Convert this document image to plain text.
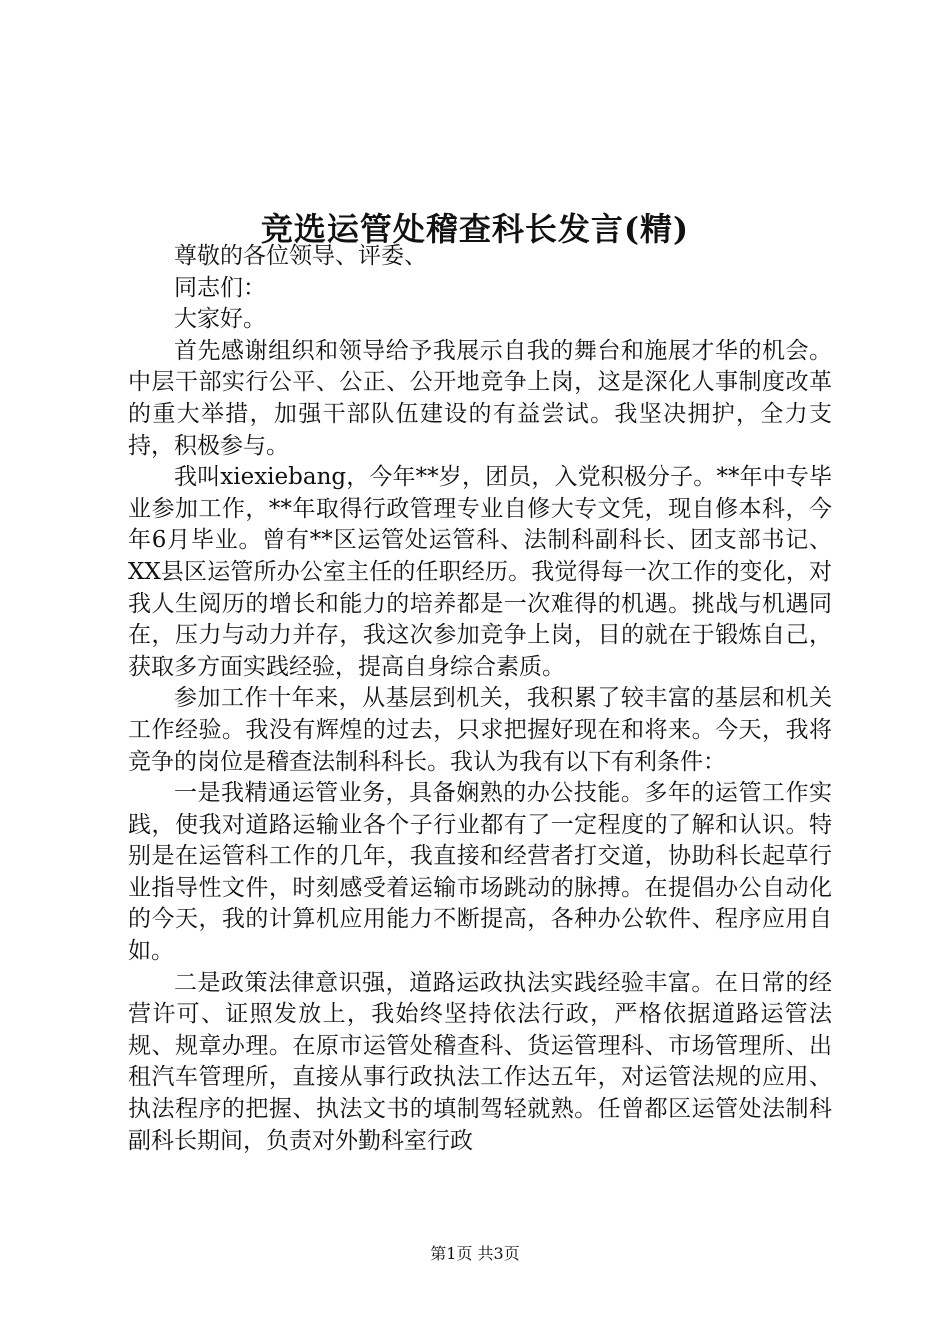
竞选运管处稽查科长发言(精)

尊敬的各位领导、评委、

同志们：

大家好。

首先感谢组织和领导给予我展示自我的舞台和施展才华的机会。中层干部实行公平、公正、公开地竞争上岗，这是深化人事制度改革的重大举措，加强干部队伍建设的有益尝试。我坚决拥护，全力支持，积极参与。

我叫xiexiebang，今年**岁，团员，入党积极分子。**年中专毕业参加工作，**年取得行政管理专业自修大专文凭，现自修本科，今年6月毕业。曾有**区运管处运管科、法制科副科长、团支部书记、XX县区运管所办公室主任的任职经历。我觉得每一次工作的变化，对我人生阅历的增长和能力的培养都是一次难得的机遇。挑战与机遇同在，压力与动力并存，我这次参加竞争上岗，目的就在于锻炼自己，获取多方面实践经验，提高自身综合素质。

参加工作十年来，从基层到机关，我积累了较丰富的基层和机关工作经验。我没有辉煌的过去，只求把握好现在和将来。今天，我将竞争的岗位是稽查法制科科长。我认为我有以下有利条件：

一是我精通运管业务，具备娴熟的办公技能。多年的运管工作实践，使我对道路运输业各个子行业都有了一定程度的了解和认识。特别是在运管科工作的几年，我直接和经营者打交道，协助科长起草行业指导性文件，时刻感受着运输市场跳动的脉搏。在提倡办公自动化的今天，我的计算机应用能力不断提高，各种办公软件、程序应用自如。

二是政策法律意识强，道路运政执法实践经验丰富。在日常的经营许可、证照发放上，我始终坚持依法行政，严格依据道路运管法规、规章办理。在原市运管处稽查科、货运管理科、市场管理所、出租汽车管理所，直接从事行政执法工作达五年，对运管法规的应用、执法程序的把握、执法文书的填制驾轻就熟。任曾都区运管处法制科副科长期间，负责对外勤科室行政

第1页 共3页
